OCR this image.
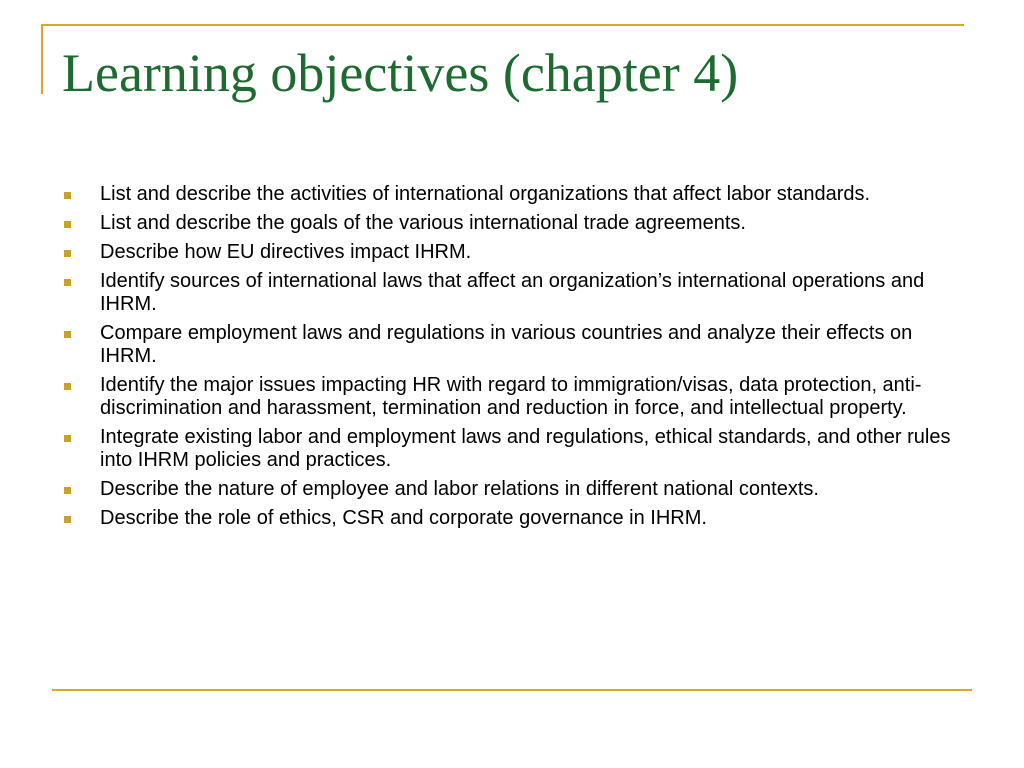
Learning objectives (chapter 4)
List and describe the activities of international organizations that affect labor standards.
List and describe the goals of the various international trade agreements.
Describe how EU directives impact IHRM.
Identify sources of international laws that affect an organization’s international operations and IHRM.
Compare employment laws and regulations in various countries and analyze their effects on IHRM.
Identify the major issues impacting HR with regard to immigration/visas, data protection, anti-discrimination and harassment, termination and reduction in force, and intellectual property.
Integrate existing labor and employment laws and regulations, ethical standards, and other rules into IHRM policies and practices.
Describe the nature of employee and labor relations in different national contexts.
Describe the role of ethics, CSR and corporate governance in IHRM.
